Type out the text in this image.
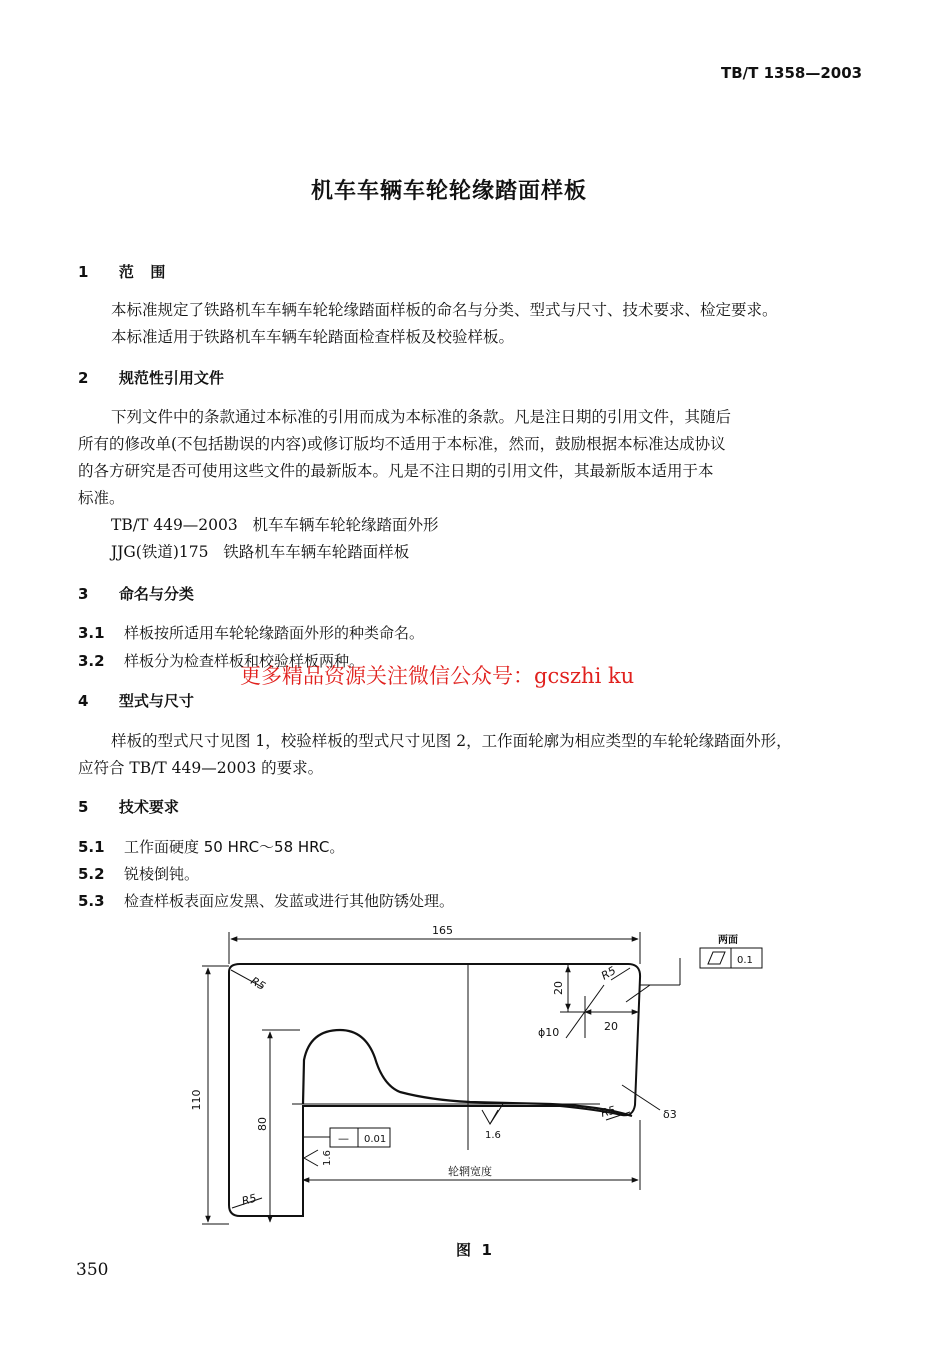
TB/T 1358—2003
机车车辆车轮轮缘踏面样板
1 范  围
本标准规定了铁路机车车辆车轮轮缘踏面样板的命名与分类、型式与尺寸、技术要求、检定要求。
本标准适用于铁路机车车辆车轮踏面检查样板及校验样板。
2 规范性引用文件
下列文件中的条款通过本标准的引用而成为本标准的条款。凡是注日期的引用文件，其随后
所有的修改单(不包括勘误的内容)或修订版均不适用于本标准，然而，鼓励根据本标准达成协议
的各方研究是否可使用这些文件的最新版本。凡是不注日期的引用文件，其最新版本适用于本
标准。
TB/T 449—2003   机车车辆车轮轮缘踏面外形
JJG(铁道)175   铁路机车车辆车轮踏面样板
3 命名与分类
3.1 样板按所适用车轮轮缘踏面外形的种类命名。
3.2 样板分为检查样板和校验样板两种。
更多精品资源关注微信公众号：gcszhi ku
4 型式与尺寸
样板的型式尺寸见图 1，校验样板的型式尺寸见图 2，工作面轮廓为相应类型的车轮轮缘踏面外形，
应符合 TB/T 449—2003 的要求。
5 技术要求
5.1 工作面硬度 50 HRC～58 HRC。
5.2 锐棱倒钝。
5.3 检查样板表面应发黑、发蓝或进行其他防锈处理。
165
110
80
20
20
R5
R5
R5
R5
ϕ10
δ3
1.6
1.6
两面
0.1
— 0.01
轮辋宽度
图  1
350
